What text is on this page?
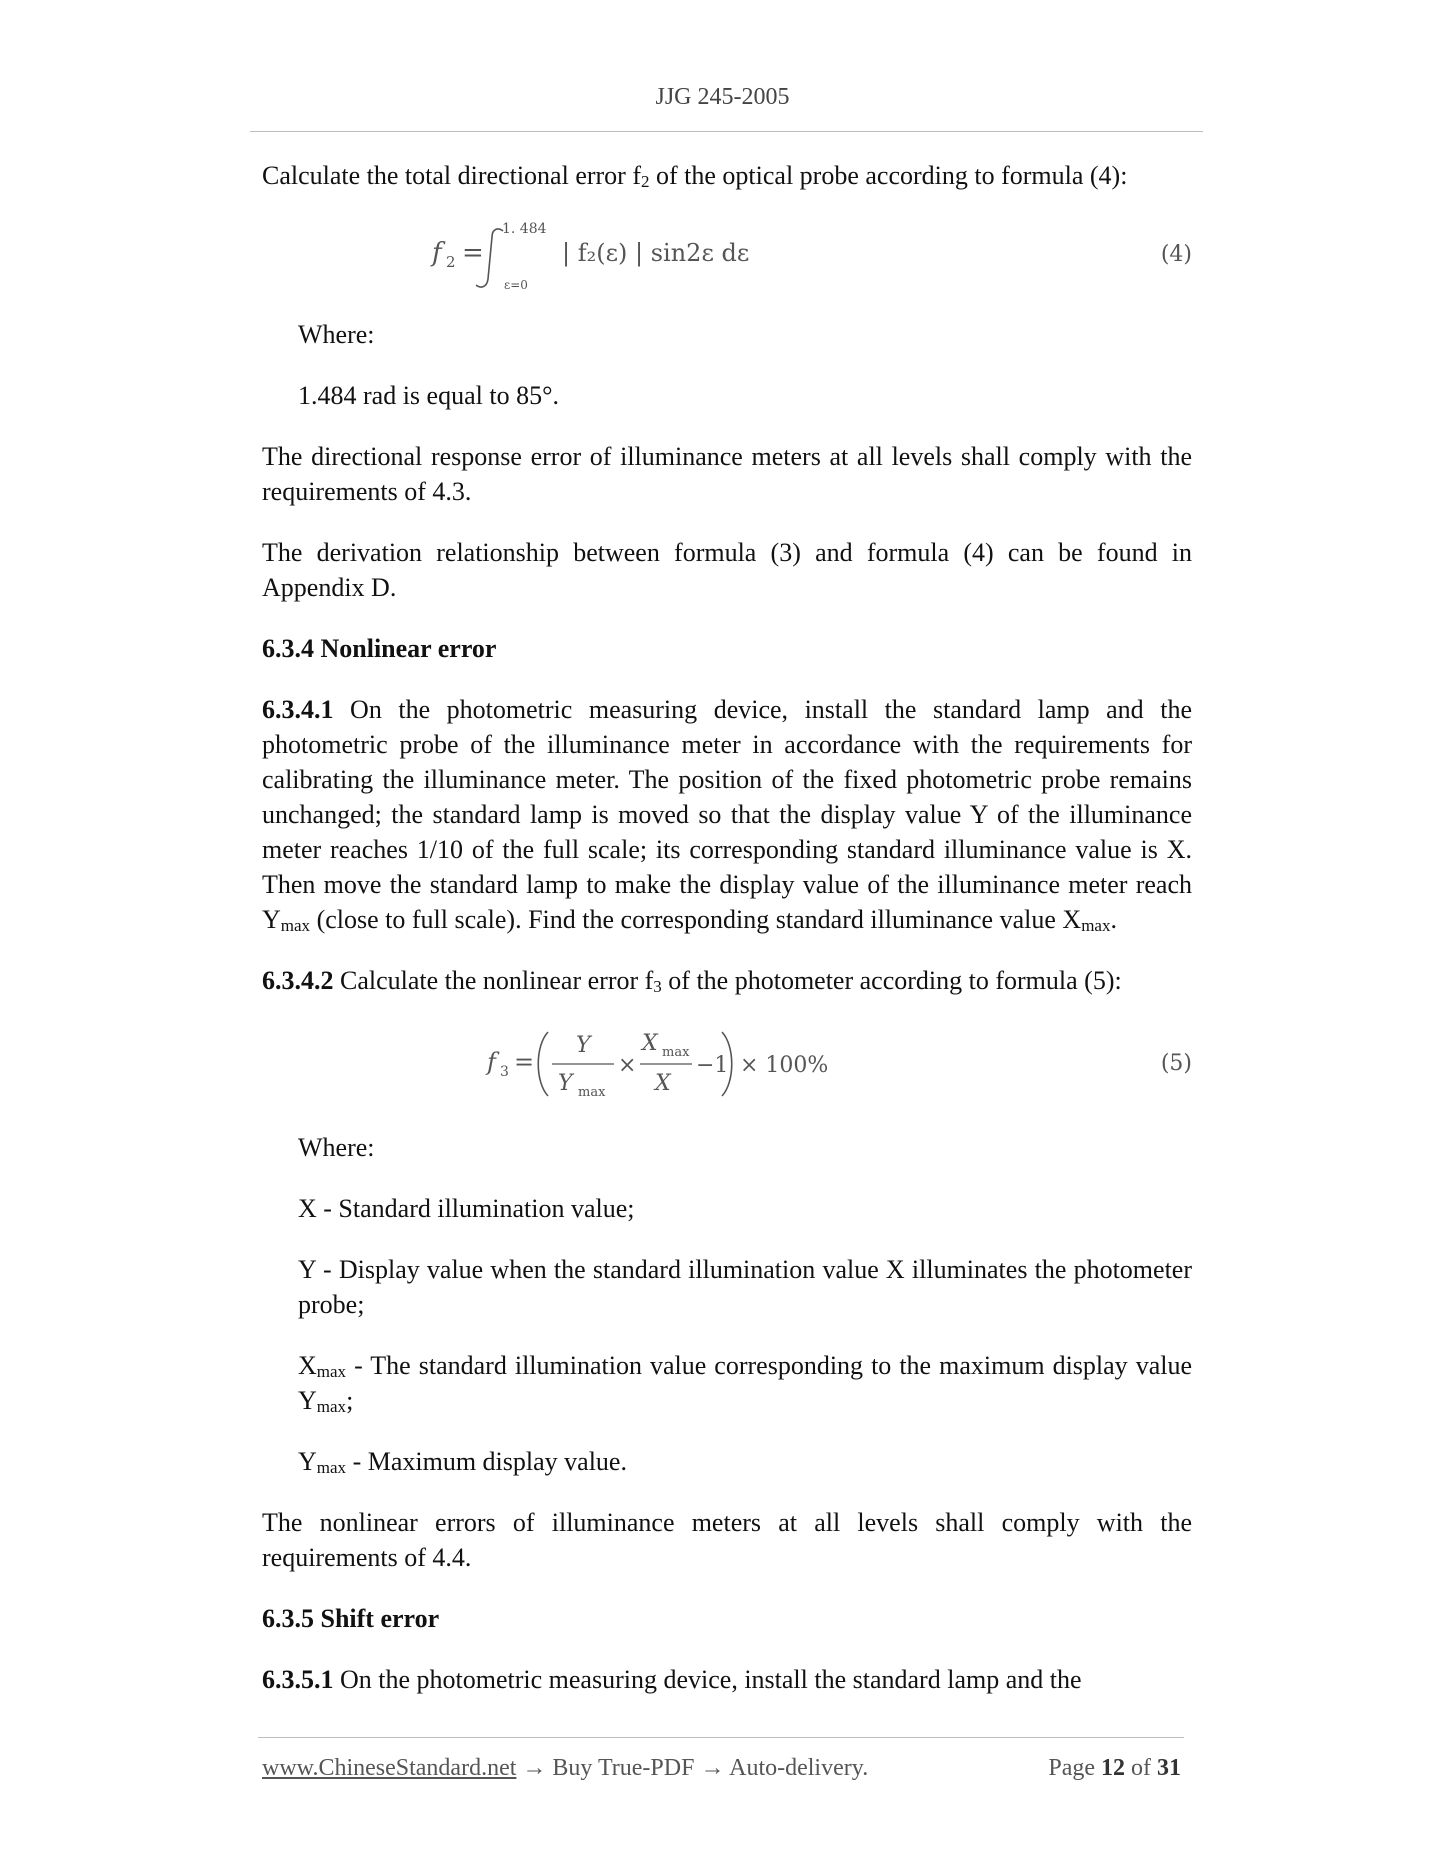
JJG 245-2005

Calculate the total directional error f2 of the optical probe according to formula (4):

f 2 =
1. 484
ε=0
| f₂(ε) | sin2ε dε	(4)

Where:

1.484 rad is equal to 85°.

The directional response error of illuminance meters at all levels shall comply with the requirements of 4.3.

The derivation relationship between formula (3) and formula (4) can be found in Appendix D.

6.3.4 Nonlinear error

6.3.4.1 On the photometric measuring device, install the standard lamp and the photometric probe of the illuminance meter in accordance with the requirements for calibrating the illuminance meter. The position of the fixed photometric probe remains unchanged; the standard lamp is moved so that the display value Y of the illuminance meter reaches 1/10 of the full scale; its corresponding standard illuminance value is X. Then move the standard lamp to make the display value of the illuminance meter reach Ymax (close to full scale). Find the corresponding standard illuminance value Xmax.

6.3.4.2 Calculate the nonlinear error f3 of the photometer according to formula (5):

f 3 =
Y
Y max
×
X max
X
−1 × 100%	(5)

Where:

X - Standard illumination value;

Y - Display value when the standard illumination value X illuminates the photometer probe;

Xmax - The standard illumination value corresponding to the maximum display value Ymax;

Ymax - Maximum display value.

The nonlinear errors of illuminance meters at all levels shall comply with the requirements of 4.4.

6.3.5 Shift error

6.3.5.1 On the photometric measuring device, install the standard lamp and the

www.ChineseStandard.net → Buy True-PDF → Auto-delivery.	Page 12 of 31
